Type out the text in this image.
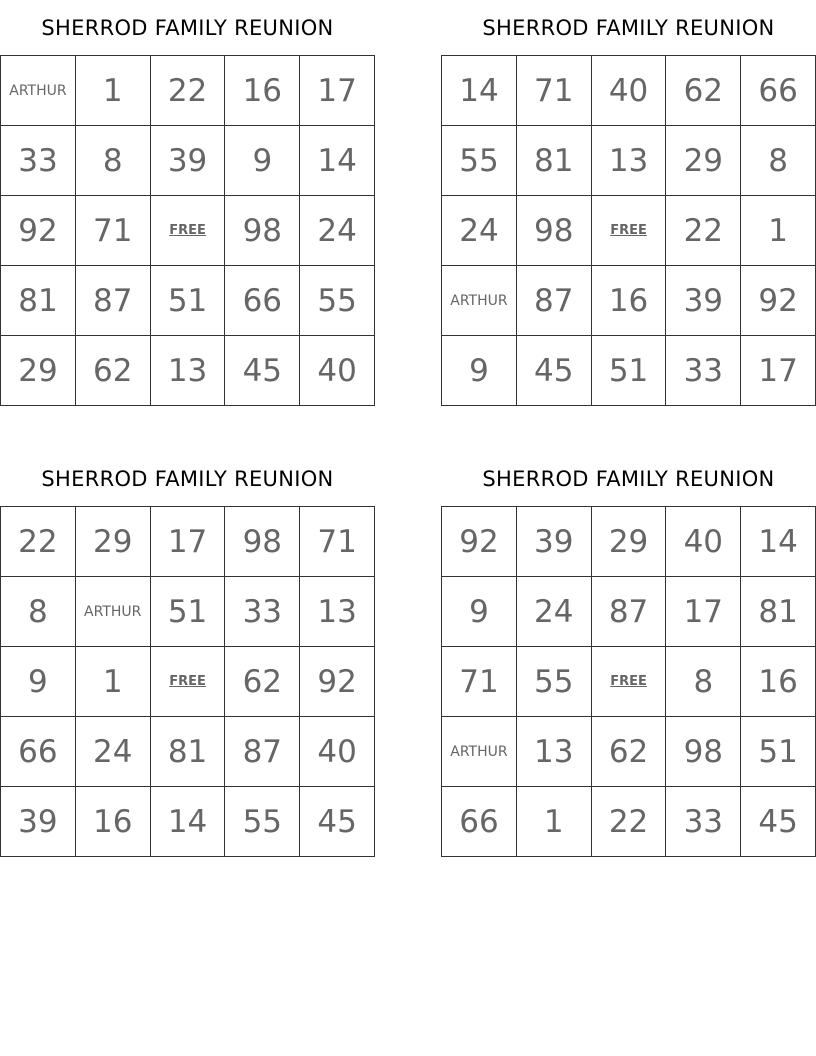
SHERROD FAMILY REUNION
ARTHUR	1	22	16	17
33	8	39	9	14
92	71	FREE	98	24
81	87	51	66	55
29	62	13	45	40
SHERROD FAMILY REUNION
14	71	40	62	66
55	81	13	29	8
24	98	FREE	22	1
ARTHUR	87	16	39	92
9	45	51	33	17
SHERROD FAMILY REUNION
22	29	17	98	71
8	ARTHUR	51	33	13
9	1	FREE	62	92
66	24	81	87	40
39	16	14	55	45
SHERROD FAMILY REUNION
92	39	29	40	14
9	24	87	17	81
71	55	FREE	8	16
ARTHUR	13	62	98	51
66	1	22	33	45
